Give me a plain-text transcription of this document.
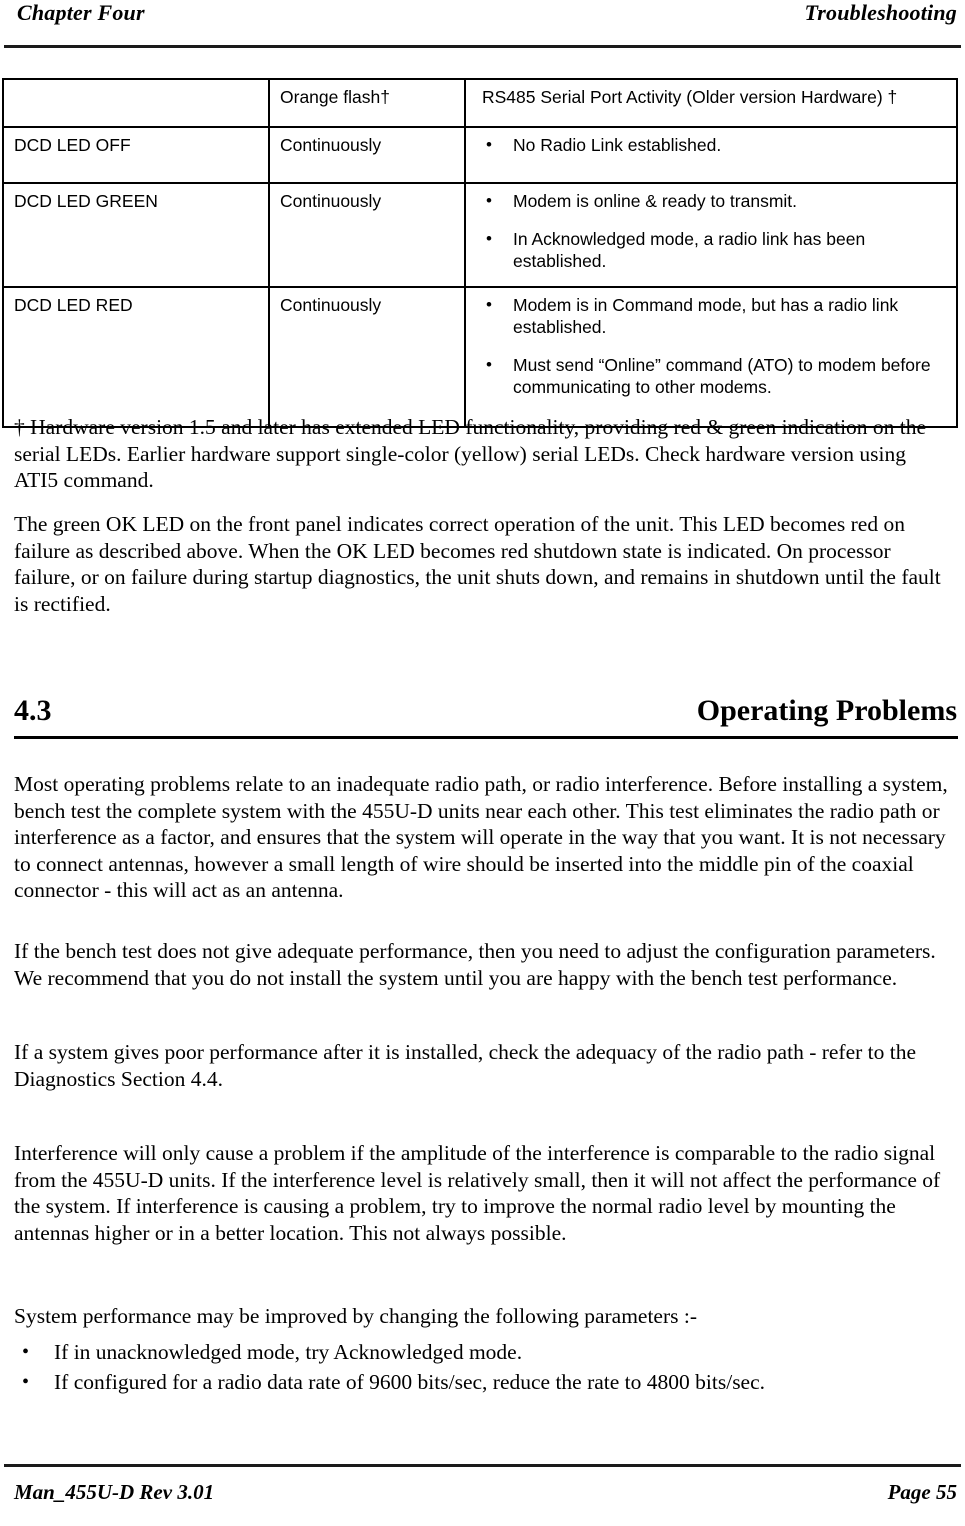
Chapter Four	Troubleshooting
	Orange flash†	RS485 Serial Port Activity (Older version Hardware) †
DCD LED OFF	Continuously	
•No Radio Link established.

DCD LED GREEN	Continuously	
•Modem is online & ready to transmit.
• In Acknowledged mode, a radio link has been established.

DCD LED RED	Continuously	
•Modem is in Command mode, but has a radio link established.
• Must send “Online” command (ATO) to modem before communicating to other modems.
† Hardware version 1.5 and later has extended LED functionality, providing red & green indication on the serial LEDs. Earlier hardware support single-color (yellow) serial LEDs. Check hardware version using ATI5 command.
The green OK LED on the front panel indicates correct operation of the unit. This LED becomes red on failure as described above. When the OK LED becomes red shutdown state is indicated. On processor failure, or on failure during startup diagnostics, the unit shuts down, and remains in shutdown until the fault is rectified.
4.3	Operating Problems
Most operating problems relate to an inadequate radio path, or radio interference. Before installing a system, bench test the complete system with the 455U-D units near each other. This test eliminates the radio path or interference as a factor, and ensures that the system will operate in the way that you want. It is not necessary to connect antennas, however a small length of wire should be inserted into the middle pin of the coaxial connector - this will act as an antenna.
If the bench test does not give adequate performance, then you need to adjust the configuration parameters. We recommend that you do not install the system until you are happy with the bench test performance.
If a system gives poor performance after it is installed, check the adequacy of the radio path - refer to the Diagnostics Section 4.4.
Interference will only cause a problem if the amplitude of the interference is comparable to the radio signal from the 455U-D units. If the interference level is relatively small, then it will not affect the performance of the system. If interference is causing a problem, try to improve the normal radio level by mounting the antennas higher or in a better location. This not always possible.
System performance may be improved by changing the following parameters :-
• If in unacknowledged mode, try Acknowledged mode.
• If configured for a radio data rate of 9600 bits/sec, reduce the rate to 4800 bits/sec.
Man_455U-D Rev 3.01	Page 55
